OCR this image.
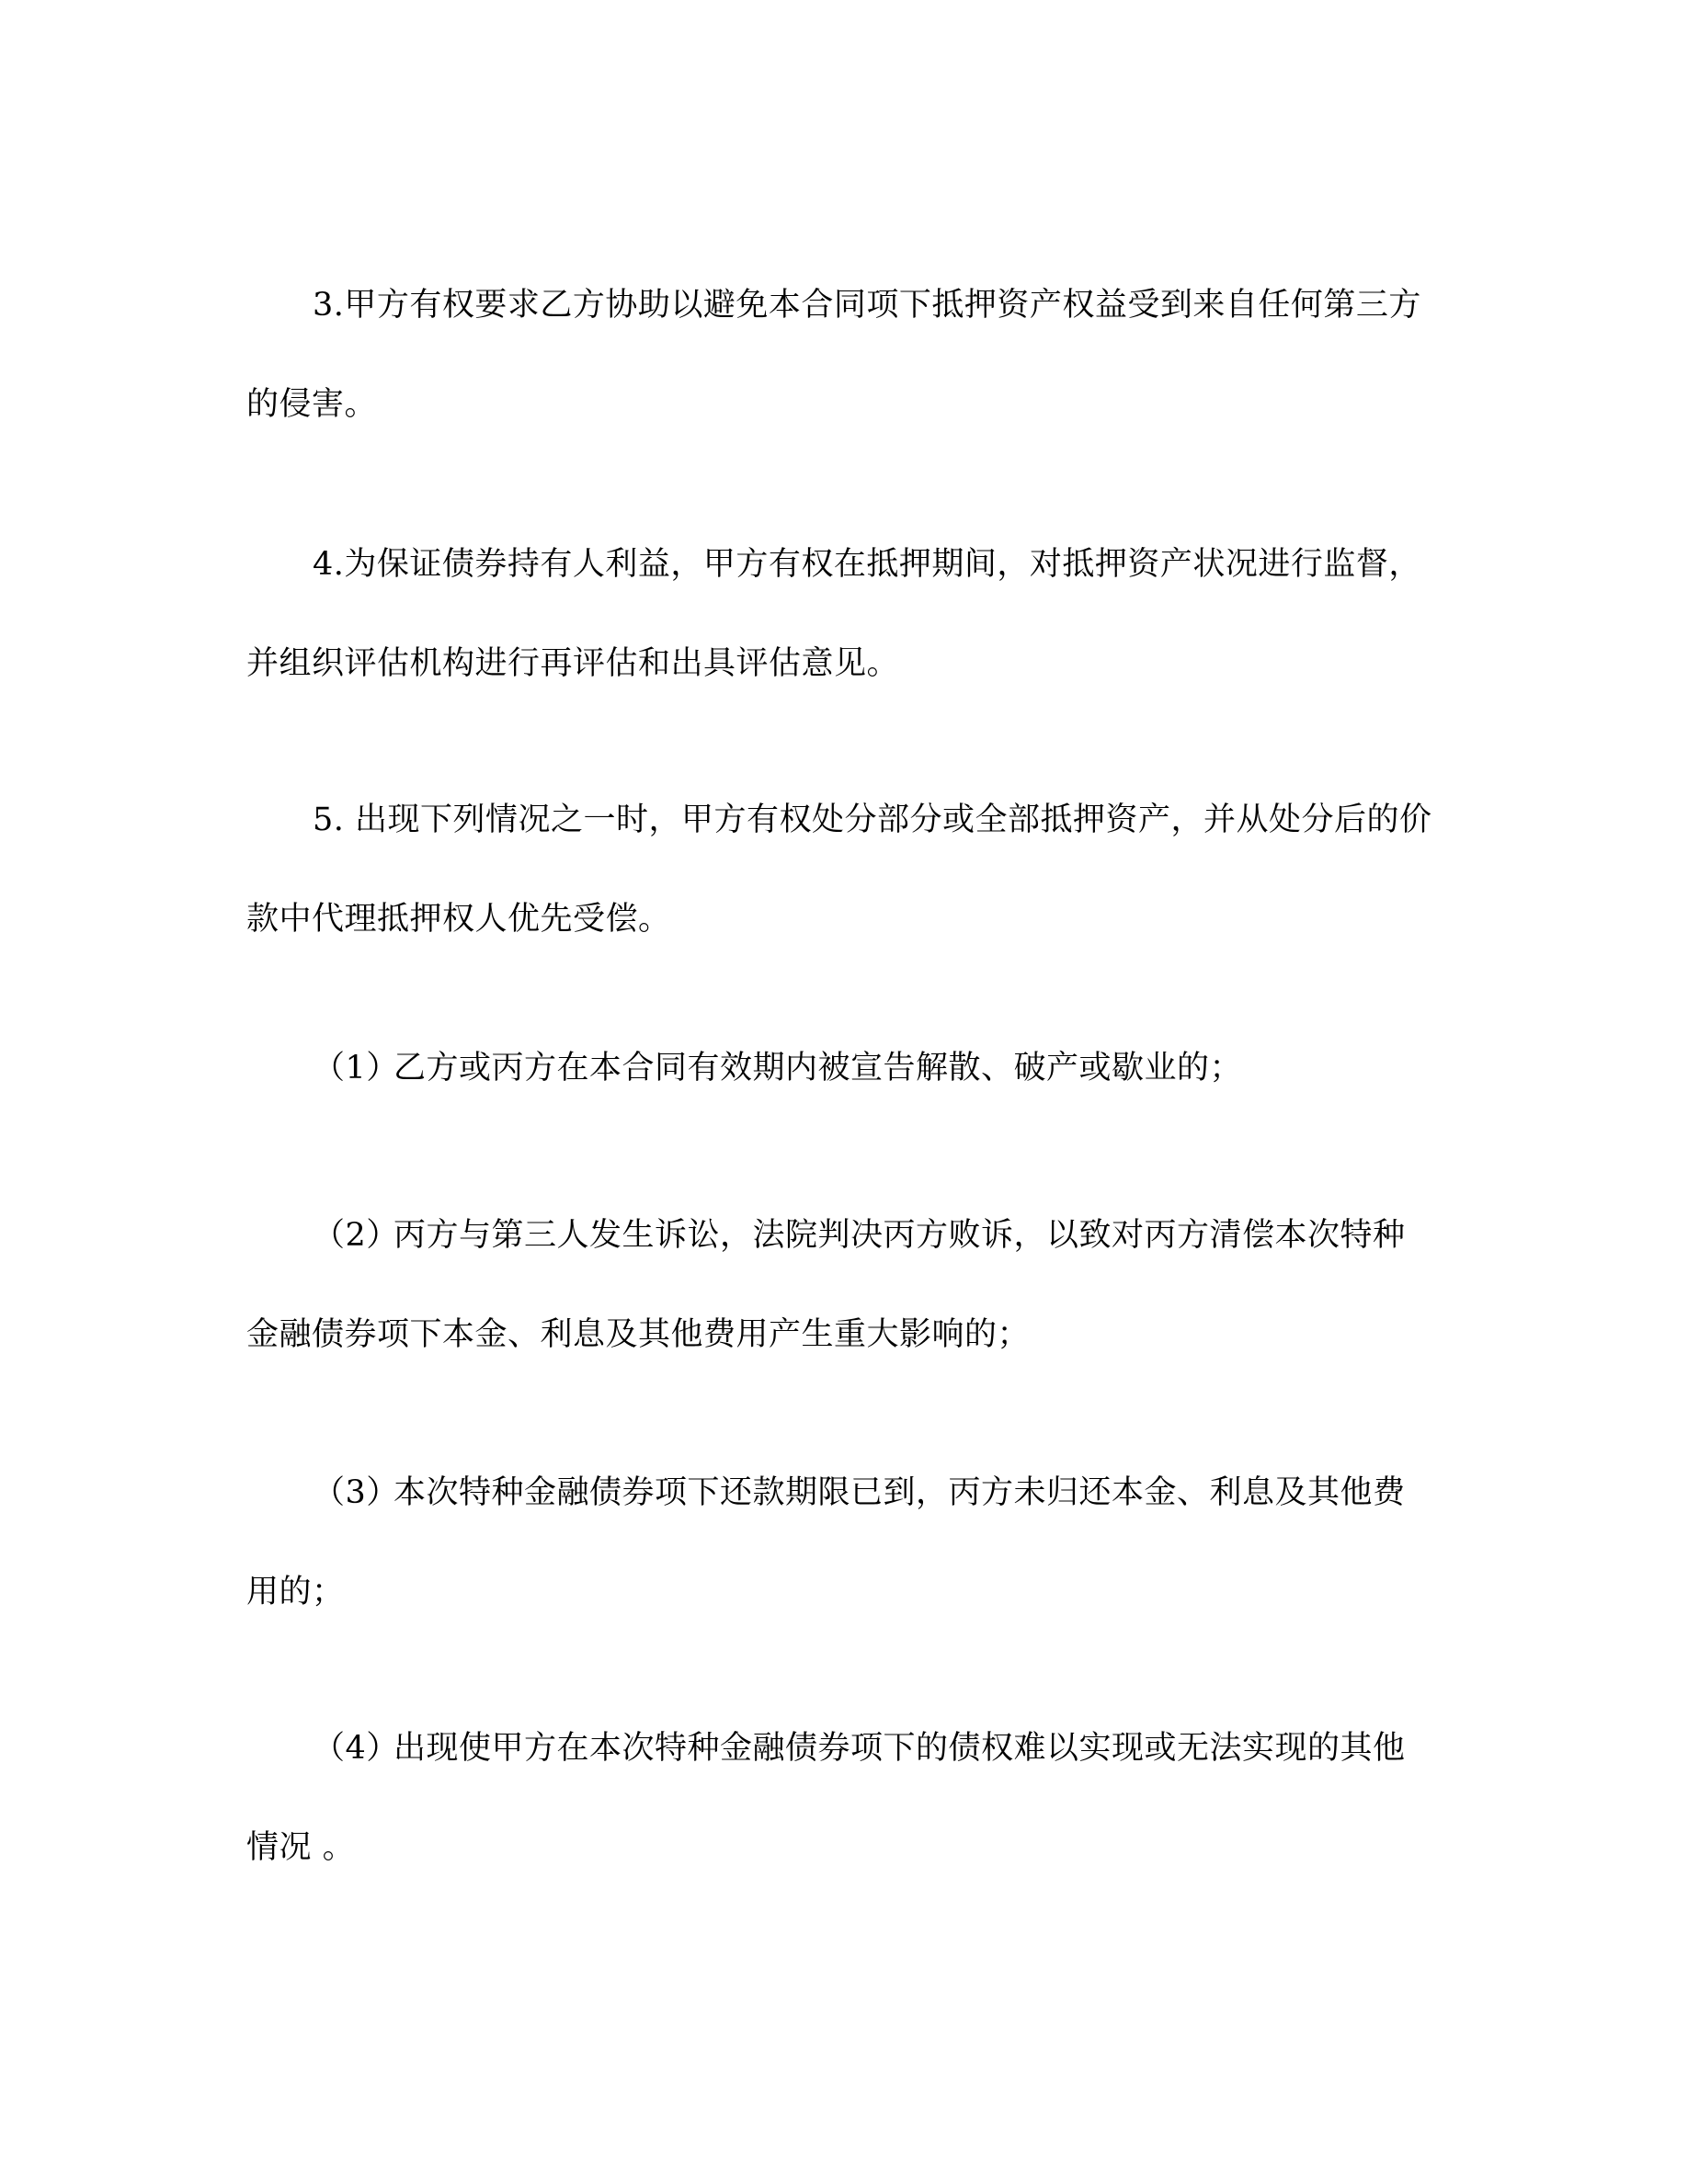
3.甲方有权要求乙方协助以避免本合同项下抵押资产权益受到来自任何第三方
的侵害。

4.为保证债券持有人利益，甲方有权在抵押期间，对抵押资产状况进行监督，
并组织评估机构进行再评估和出具评估意见。

5. 出现下列情况之一时，甲方有权处分部分或全部抵押资产，并从处分后的价
款中代理抵押权人优先受偿。

（1）乙方或丙方在本合同有效期内被宣告解散、破产或歇业的；

（2）丙方与第三人发生诉讼，法院判决丙方败诉，以致对丙方清偿本次特种
金融债券项下本金、利息及其他费用产生重大影响的；

（3）本次特种金融债券项下还款期限已到，丙方未归还本金、利息及其他费
用的；

（4）出现使甲方在本次特种金融债券项下的债权难以实现或无法实现的其他
情况 。
